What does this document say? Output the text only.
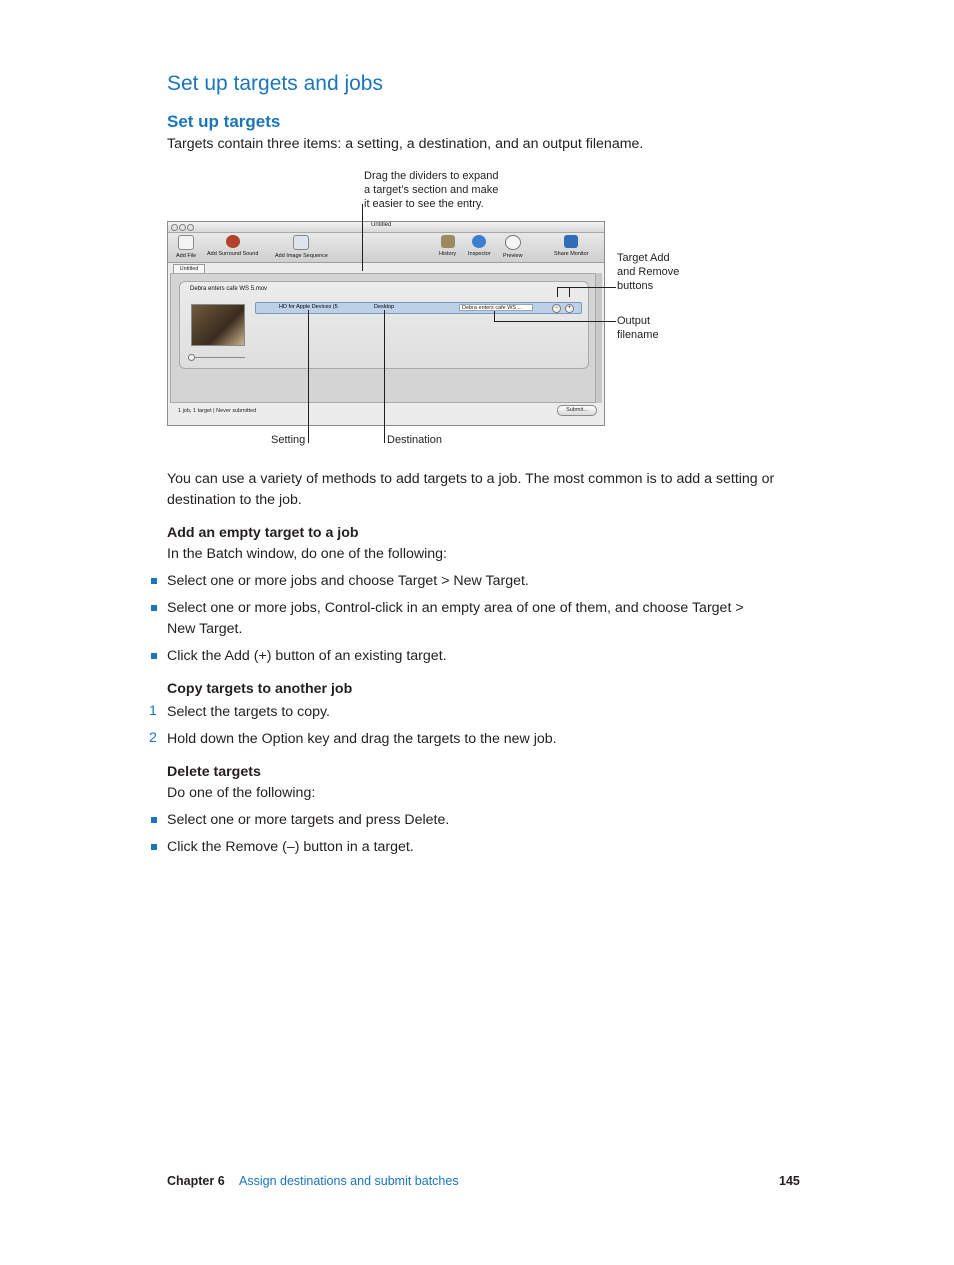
Set up targets and jobs
Set up targets
Targets contain three items: a setting, a destination, and an output filename.
Drag the dividers to expand
a target’s section and make
it easier to see the entry.
Target Add
and Remove
buttons
Output
filename
Setting	Destination
Untitled
Add File Add Surround Sound	Add Image Sequence	History Inspector Preview	Share Monitor
Untitled
Debra enters cafe WS 5.mov
HD for Apple Devices (5	Desktop	Debra enters cafe WS ...	−	+
1 job, 1 target | Never submitted	Submit...
You can use a variety of methods to add targets to a job. The most common is to add a setting or
destination to the job.
Add an empty target to a job
In the Batch window, do one of the following:
Select one or more jobs and choose Target > New Target.
Select one or more jobs, Control-click in an empty area of one of them, and choose Target >
New Target.
Click the Add (+) button of an existing target.
Copy targets to another job
1 Select the targets to copy.
2 Hold down the Option key and drag the targets to the new job.
Delete targets
Do one of the following:
Select one or more targets and press Delete.
Click the Remove (–) button in a target.
Chapter 6 Assign destinations and submit batches	145
